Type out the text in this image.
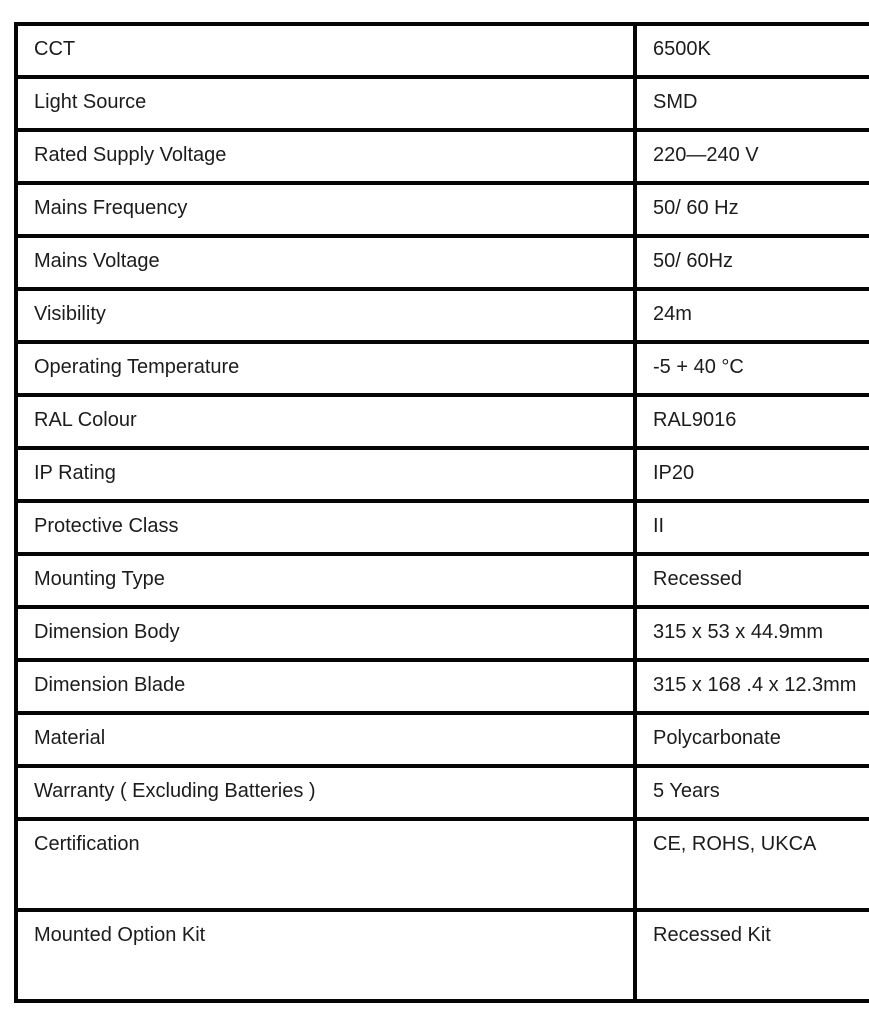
CCT	6500K
Light Source	SMD
Rated Supply Voltage	220—240 V
Mains Frequency	50/ 60 Hz
Mains Voltage	50/ 60Hz
Visibility	24m
Operating Temperature	-5 + 40 °C
RAL Colour	RAL9016
IP Rating	IP20
Protective Class	II
Mounting Type	Recessed
Dimension Body	315 x 53 x 44.9mm
Dimension Blade	315 x 168 .4 x 12.3mm
Material	Polycarbonate
Warranty ( Excluding Batteries )	5 Years
Certification	CE, ROHS, UKCA
Mounted Option Kit	Recessed Kit
